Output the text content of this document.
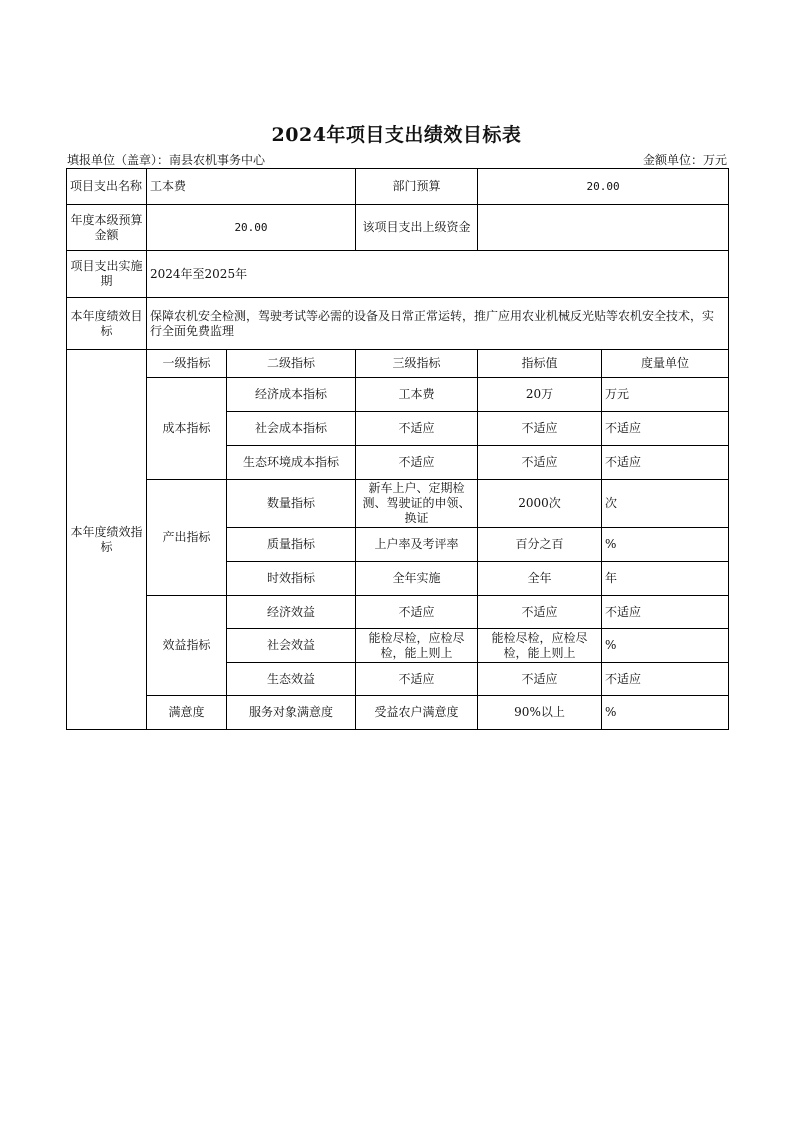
2024年项目支出绩效目标表
填报单位（盖章）：南县农机事务中心	金额单位：万元
项目支出名称	工本费		部门预算	20.00	
年度本级预算金额	20.00		该项目支出上级资金		
项目支出实施期	2024年至2025年				
本年度绩效目标	保障农机安全检测，驾驶考试等必需的设备及日常正常运转，推广应用农业机械反光贴等农机安全技术，实行全面免费监理				
本年度绩效指标	一级指标	二级指标	三级指标	指标值	度量单位
	成本指标	经济成本指标	工本费	20万	万元
		社会成本指标	不适应	不适应	不适应
		生态环境成本指标	不适应	不适应	不适应
	产出指标	数量指标	新车上户、定期检测、驾驶证的申领、换证	2000次	次
		质量指标	上户率及考评率	百分之百	%
		时效指标	全年实施	全年	年
	效益指标	经济效益	不适应	不适应	不适应
		社会效益	能检尽检，应检尽检，能上则上	能检尽检，应检尽检，能上则上	%
		生态效益	不适应	不适应	不适应
	满意度	服务对象满意度	受益农户满意度	90%以上	%
